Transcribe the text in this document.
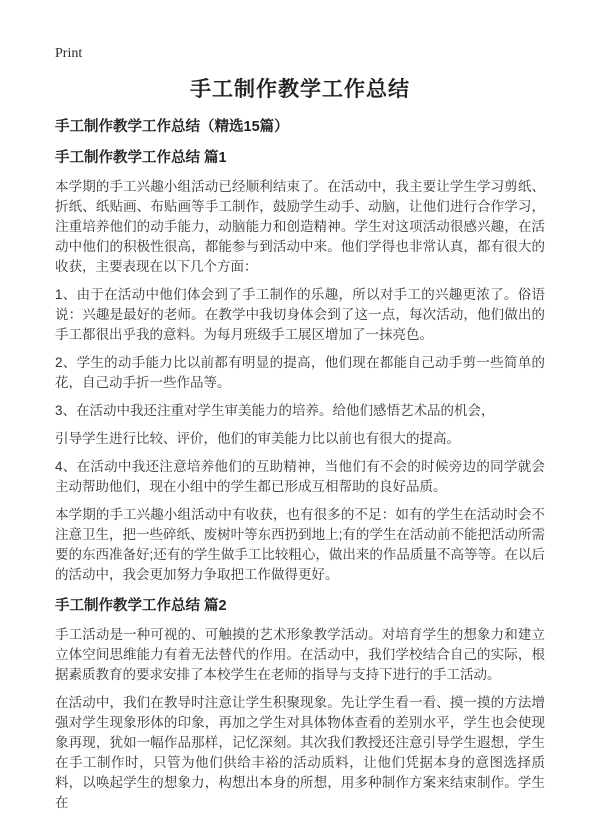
Print
手工制作教学工作总结

手工制作教学工作总结（精选15篇）

手工制作教学工作总结 篇1

本学期的手工兴趣小组活动已经顺利结束了。在活动中，我主要让学生学习剪纸、折纸、纸贴画、布贴画等手工制作，鼓励学生动手、动脑，让他们进行合作学习，注重培养他们的动手能力，动脑能力和创造精神。学生对这项活动很感兴趣，在活动中他们的积极性很高，都能参与到活动中来。他们学得也非常认真，都有很大的收获，主要表现在以下几个方面：

1、由于在活动中他们体会到了手工制作的乐趣，所以对手工的兴趣更浓了。俗语说：兴趣是最好的老师。在教学中我切身体会到了这一点，每次活动，他们做出的手工都很出乎我的意料。为每月班级手工展区增加了一抹亮色。

2、学生的动手能力比以前都有明显的提高，他们现在都能自己动手剪一些简单的花，自己动手折一些作品等。

3、在活动中我还注重对学生审美能力的培养。给他们感悟艺术品的机会，

引导学生进行比较、评价，他们的审美能力比以前也有很大的提高。

4、在活动中我还注意培养他们的互助精神，当他们有不会的时候旁边的同学就会主动帮助他们，现在小组中的学生都已形成互相帮助的良好品质。

本学期的手工兴趣小组活动中有收获，也有很多的不足：如有的学生在活动时会不注意卫生，把一些碎纸、废树叶等东西扔到地上;有的学生在活动前不能把活动所需要的东西准备好;还有的学生做手工比较粗心，做出来的作品质量不高等等。在以后的活动中，我会更加努力争取把工作做得更好。

手工制作教学工作总结 篇2

手工活动是一种可视的、可触摸的艺术形象教学活动。对培育学生的想象力和建立立体空间思维能力有着无法替代的作用。在活动中，我们学校结合自己的实际，根据素质教育的要求安排了本校学生在老师的指导与支持下进行的手工活动。

在活动中，我们在教导时注意让学生积聚现象。先让学生看一看、摸一摸的方法增强对学生现象形体的印象，再加之学生对具体物体查看的差别水平，学生也会使现象再现，犹如一幅作品那样，记忆深刻。其次我们教授还注意引导学生遐想，学生在手工制作时，只管为他们供给丰裕的活动质料，让他们凭据本身的意图选择质料，以唤起学生的想象力，构想出本身的所想，用多种制作方案来结束制作。学生在
